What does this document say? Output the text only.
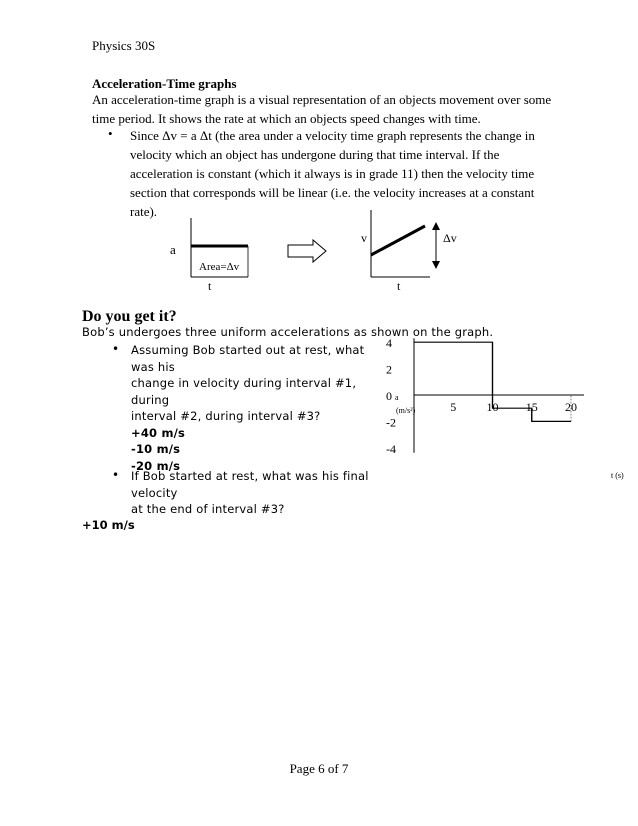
Physics 30S
Acceleration-Time graphs
An acceleration-time graph is a visual representation of an objects movement over some
time period. It shows the rate at which an objects speed changes with time.
• Since Δv = a Δt (the area under a velocity time graph represents the change in
velocity which an object has undergone during that time interval. If the
acceleration is constant (which it always is in grade 11) then the velocity time
section that corresponds will be linear (i.e. the velocity increases at a constant
rate).
a
Area=Δv
t
v	Δv
t
Do you get it?
Bob’s undergoes three uniform accelerations as shown on the graph.
• Assuming Bob started out at rest, what was his
change in velocity during interval #1, during
interval #2, during interval #3?
+40 m/s
-10 m/s
-20 m/s
• If Bob started at rest, what was his final velocity
at the end of interval #3?
+10 m/s
4
2
0
-2
-4
5	10 15 20
a
(m/s²)
t (s)
Page 6 of 7
